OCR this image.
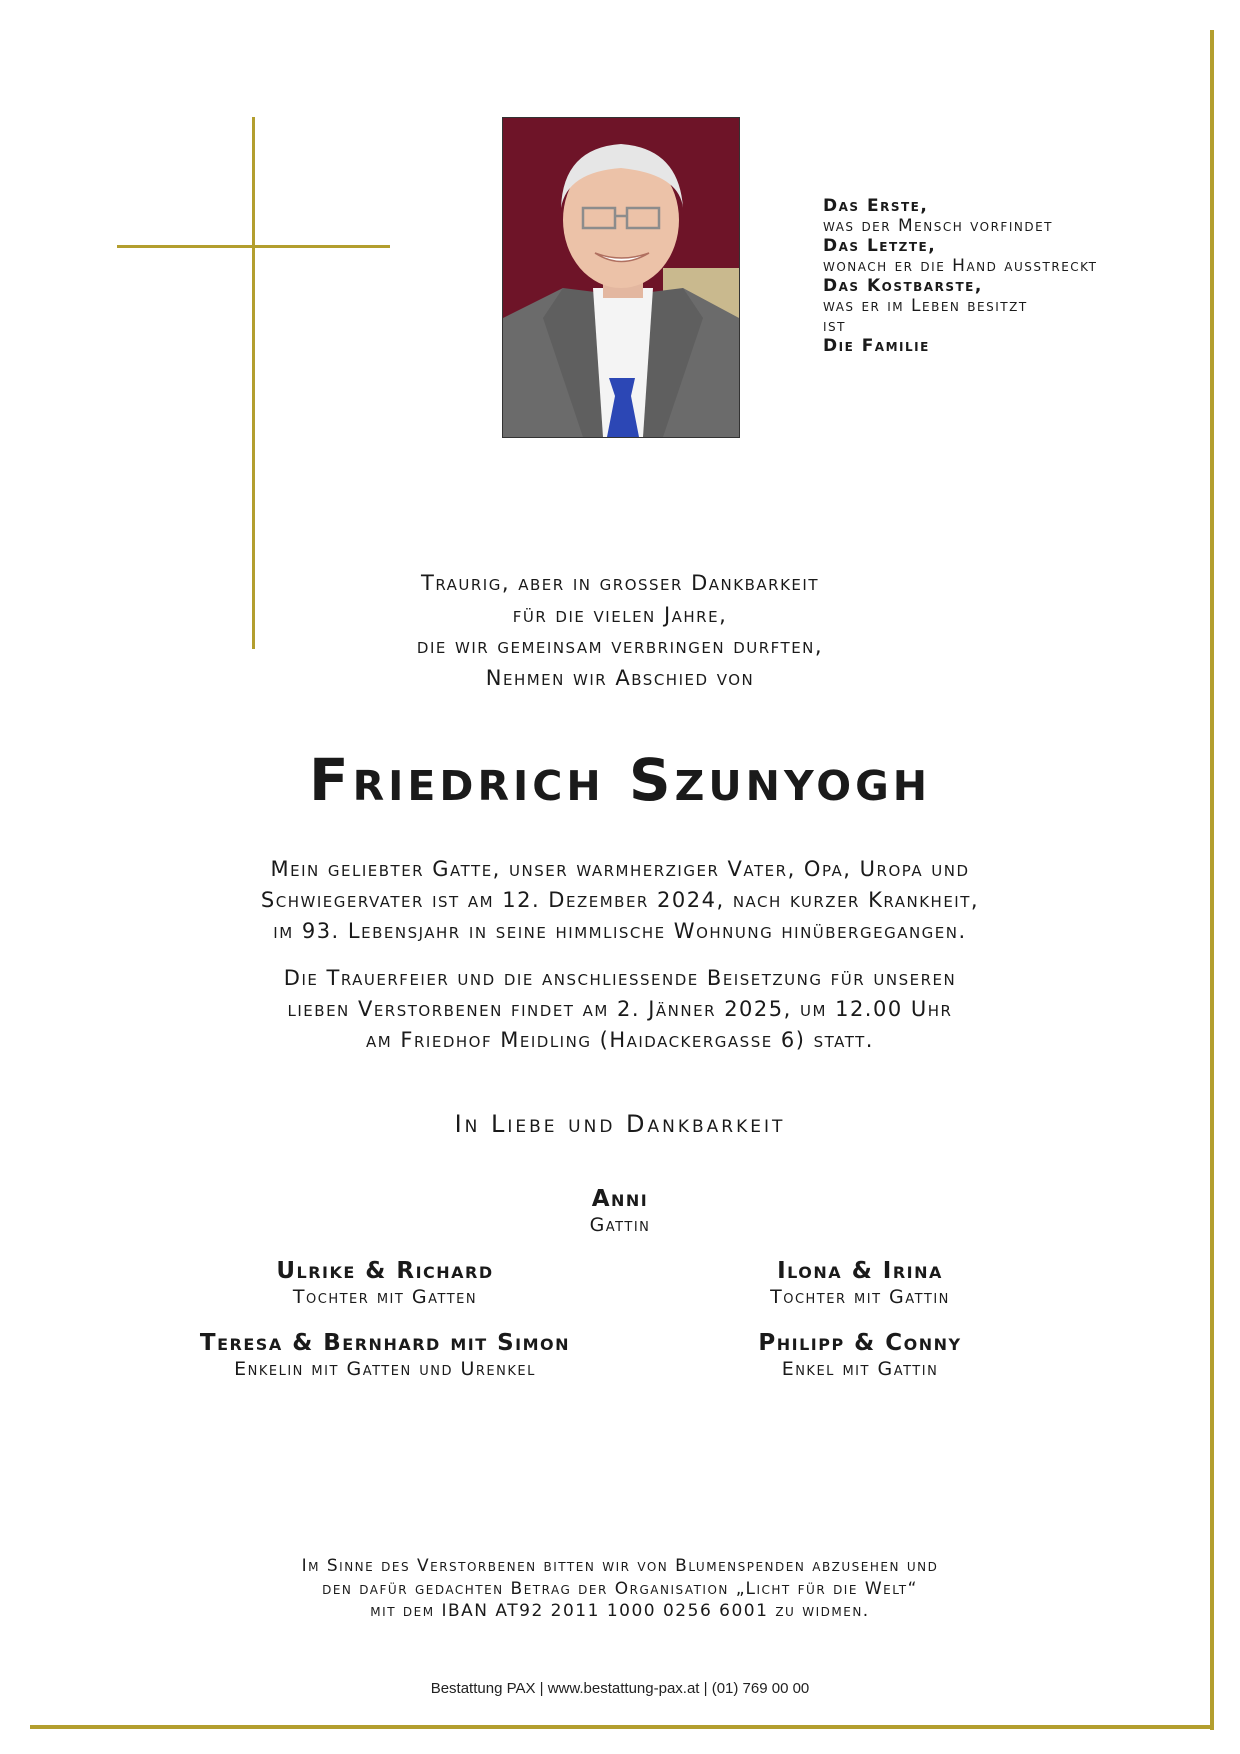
Das Erste,
was der Mensch vorfindet
Das Letzte,
wonach er die Hand ausstreckt
Das Kostbarste,
was er im Leben besitzt
ist
Die Familie
Traurig, aber in grosser Dankbarkeit
für die vielen Jahre,
die wir gemeinsam verbringen durften,
Nehmen wir Abschied von
Friedrich Szunyogh
Mein geliebter Gatte, unser warmherziger Vater, Opa, Uropa und
Schwiegervater ist am 12. Dezember 2024, nach kurzer Krankheit,
im 93. Lebensjahr in seine himmlische Wohnung hinübergegangen.
Die Trauerfeier und die anschliessende Beisetzung für unseren
lieben Verstorbenen findet am 2. Jänner 2025, um 12.00 Uhr
am Friedhof Meidling (Haidackergasse 6) statt.
In Liebe und Dankbarkeit
Anni
Gattin
Ulrike & Richard
Tochter mit Gatten
Ilona & Irina
Tochter mit Gattin
Teresa & Bernhard mit Simon
Enkelin mit Gatten und Urenkel
Philipp & Conny
Enkel mit Gattin
Im Sinne des Verstorbenen bitten wir von Blumenspenden abzusehen und
den dafür gedachten Betrag der Organisation „Licht für die Welt“
mit dem IBAN AT92 2011 1000 0256 6001 zu widmen.
Bestattung PAX | www.bestattung-pax.at | (01) 769 00 00
